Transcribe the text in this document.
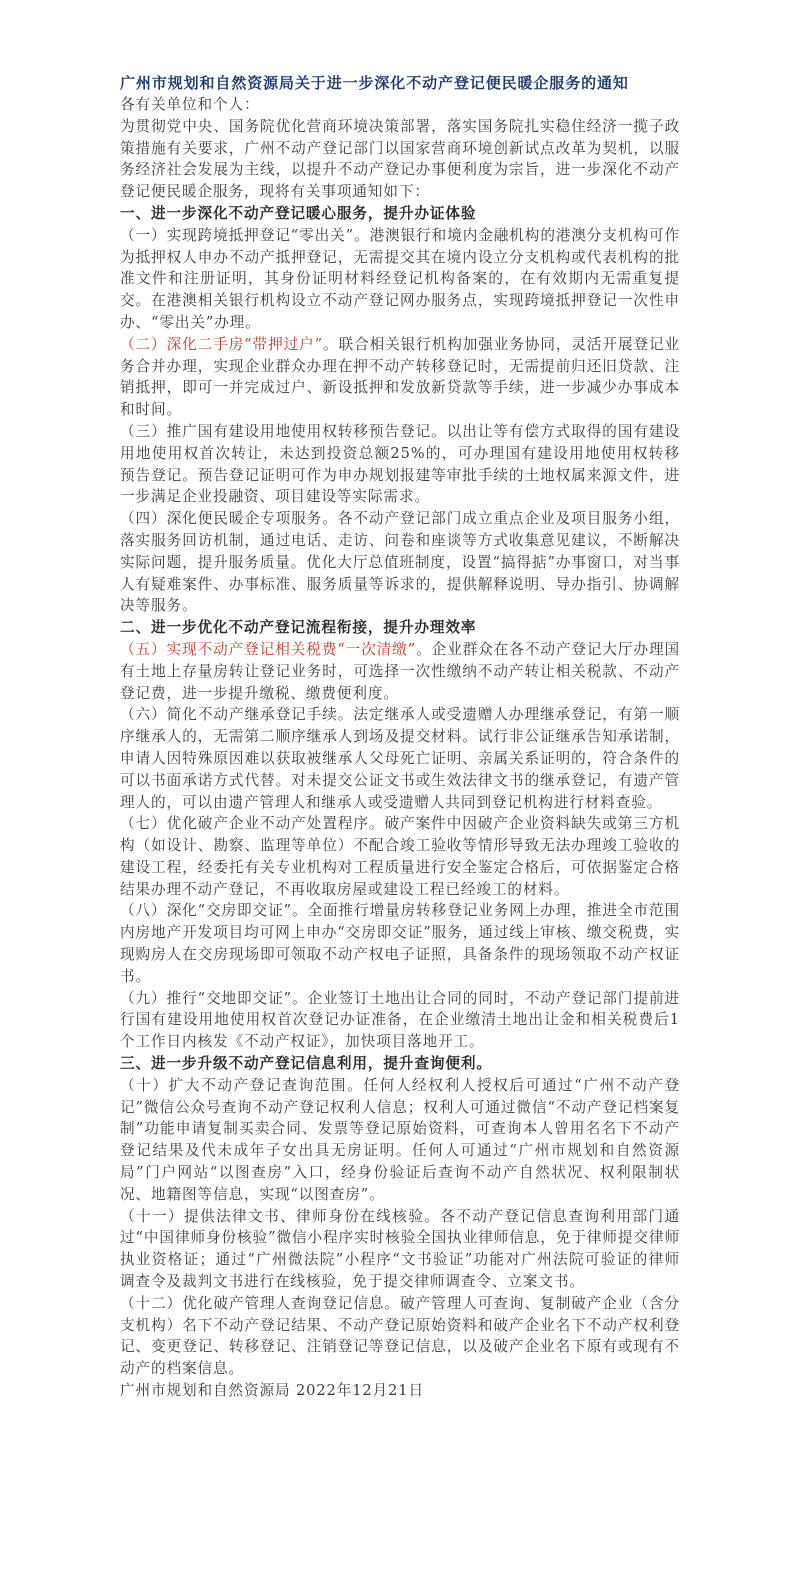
广州市规划和自然资源局关于进一步深化不动产登记便民暖企服务的通知

各有关单位和个人：

为贯彻党中央、国务院优化营商环境决策部署，落实国务院扎实稳住经济一揽子政策措施有关要求，广州不动产登记部门以国家营商环境创新试点改革为契机，以服务经济社会发展为主线，以提升不动产登记办事便利度为宗旨，进一步深化不动产登记便民暖企服务，现将有关事项通知如下：

一、进一步深化不动产登记暖心服务，提升办证体验

（一）实现跨境抵押登记“零出关”。港澳银行和境内金融机构的港澳分支机构可作为抵押权人申办不动产抵押登记，无需提交其在境内设立分支机构或代表机构的批准文件和注册证明，其身份证明材料经登记机构备案的，在有效期内无需重复提交。在港澳相关银行机构设立不动产登记网办服务点，实现跨境抵押登记一次性申办、“零出关”办理。

（二）深化二手房“带押过户”。联合相关银行机构加强业务协同，灵活开展登记业务合并办理，实现企业群众办理在押不动产转移登记时，无需提前归还旧贷款、注销抵押，即可一并完成过户、新设抵押和发放新贷款等手续，进一步减少办事成本和时间。

（三）推广国有建设用地使用权转移预告登记。以出让等有偿方式取得的国有建设用地使用权首次转让，未达到投资总额25%的，可办理国有建设用地使用权转移预告登记。预告登记证明可作为申办规划报建等审批手续的土地权属来源文件，进一步满足企业投融资、项目建设等实际需求。

（四）深化便民暖企专项服务。各不动产登记部门成立重点企业及项目服务小组，落实服务回访机制，通过电话、走访、问卷和座谈等方式收集意见建议，不断解决实际问题，提升服务质量。优化大厅总值班制度，设置“搞得掂”办事窗口，对当事人有疑难案件、办事标准、服务质量等诉求的，提供解释说明、导办指引、协调解决等服务。

二、进一步优化不动产登记流程衔接，提升办理效率

（五）实现不动产登记相关税费“一次清缴”。企业群众在各不动产登记大厅办理国有土地上存量房转让登记业务时，可选择一次性缴纳不动产转让相关税款、不动产登记费，进一步提升缴税、缴费便利度。

（六）简化不动产继承登记手续。法定继承人或受遗赠人办理继承登记，有第一顺序继承人的，无需第二顺序继承人到场及提交材料。试行非公证继承告知承诺制，申请人因特殊原因难以获取被继承人父母死亡证明、亲属关系证明的，符合条件的可以书面承诺方式代替。对未提交公证文书或生效法律文书的继承登记，有遗产管理人的，可以由遗产管理人和继承人或受遗赠人共同到登记机构进行材料查验。

（七）优化破产企业不动产处置程序。破产案件中因破产企业资料缺失或第三方机构（如设计、勘察、监理等单位）不配合竣工验收等情形导致无法办理竣工验收的建设工程，经委托有关专业机构对工程质量进行安全鉴定合格后，可依据鉴定合格结果办理不动产登记，不再收取房屋或建设工程已经竣工的材料。

（八）深化“交房即交证”。全面推行增量房转移登记业务网上办理，推进全市范围内房地产开发项目均可网上申办“交房即交证”服务，通过线上审核、缴交税费，实现购房人在交房现场即可领取不动产权电子证照，具备条件的现场领取不动产权证书。

（九）推行“交地即交证”。企业签订土地出让合同的同时，不动产登记部门提前进行国有建设用地使用权首次登记办证准备，在企业缴清土地出让金和相关税费后1个工作日内核发《不动产权证》，加快项目落地开工。

三、进一步升级不动产登记信息利用，提升查询便利。

（十）扩大不动产登记查询范围。任何人经权利人授权后可通过“广州不动产登记”微信公众号查询不动产登记权利人信息；权利人可通过微信“不动产登记档案复制”功能申请复制买卖合同、发票等登记原始资料，可查询本人曾用名名下不动产登记结果及代未成年子女出具无房证明。任何人可通过“广州市规划和自然资源局”门户网站“以图查房”入口，经身份验证后查询不动产自然状况、权利限制状况、地籍图等信息，实现“以图查房”。

（十一）提供法律文书、律师身份在线核验。各不动产登记信息查询利用部门通过“中国律师身份核验”微信小程序实时核验全国执业律师信息，免于律师提交律师执业资格证；通过“广州微法院”小程序“文书验证”功能对广州法院可验证的律师调查令及裁判文书进行在线核验，免于提交律师调查令、立案文书。

（十二）优化破产管理人查询登记信息。破产管理人可查询、复制破产企业（含分支机构）名下不动产登记结果、不动产登记原始资料和破产企业名下不动产权利登记、变更登记、转移登记、注销登记等登记信息，以及破产企业名下原有或现有不动产的档案信息。

广州市规划和自然资源局 2022年12月21日
